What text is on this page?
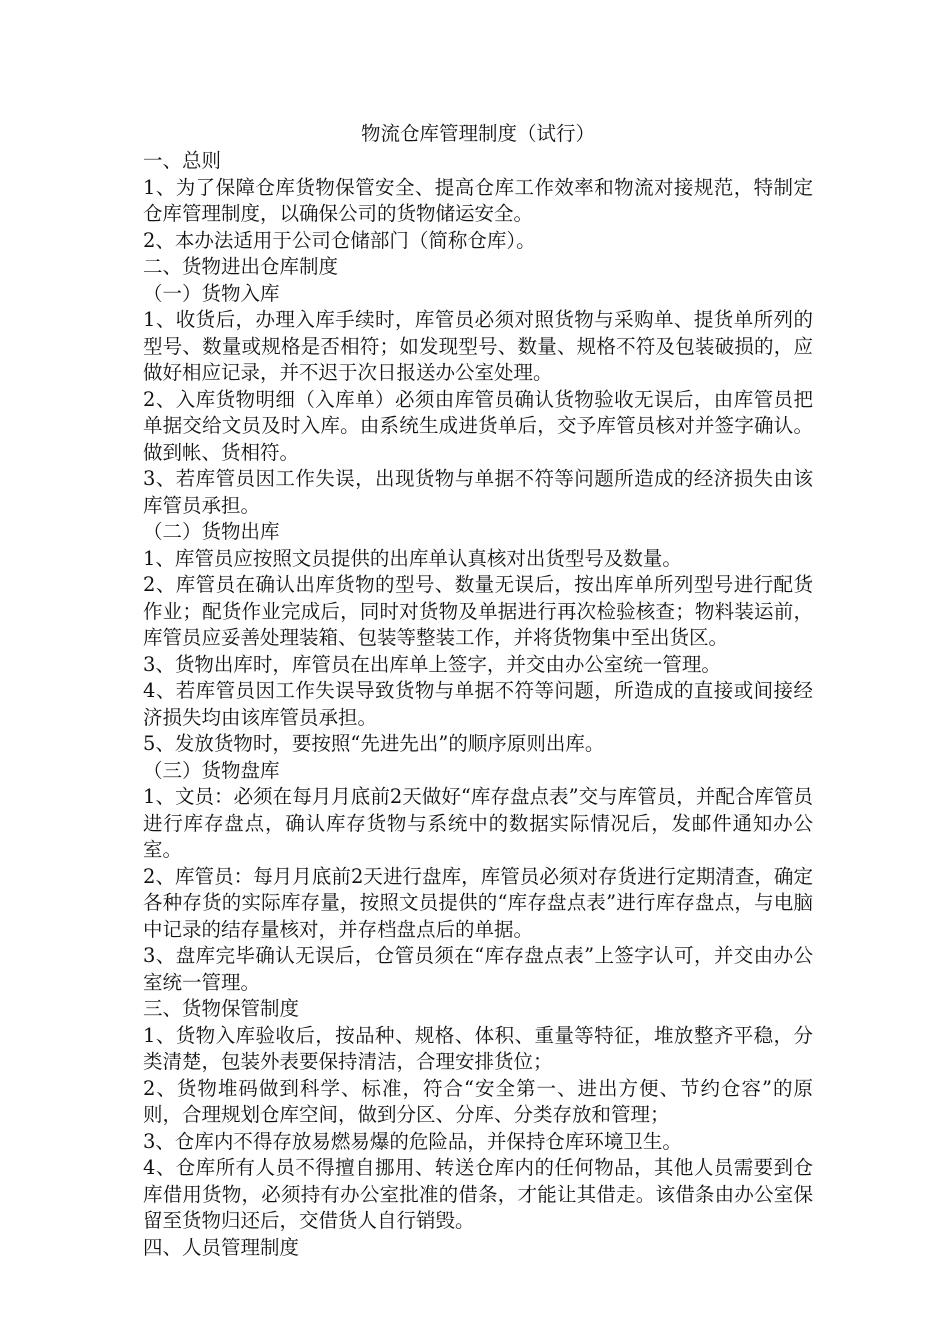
物流仓库管理制度（试行）

一、总则

1、为了保障仓库货物保管安全、提高仓库工作效率和物流对接规范，特制定仓库管理制度，以确保公司的货物储运安全。

2、本办法适用于公司仓储部门（简称仓库）。

二、货物进出仓库制度

（一）货物入库

1、收货后，办理入库手续时，库管员必须对照货物与采购单、提货单所列的型号、数量或规格是否相符；如发现型号、数量、规格不符及包装破损的，应做好相应记录，并不迟于次日报送办公室处理。

2、入库货物明细（入库单）必须由库管员确认货物验收无误后，由库管员把单据交给文员及时入库。由系统生成进货单后，交予库管员核对并签字确认。做到帐、货相符。

3、若库管员因工作失误，出现货物与单据不符等问题所造成的经济损失由该库管员承担。

（二）货物出库

1、库管员应按照文员提供的出库单认真核对出货型号及数量。

2、库管员在确认出库货物的型号、数量无误后，按出库单所列型号进行配货作业；配货作业完成后，同时对货物及单据进行再次检验核查；物料装运前，库管员应妥善处理装箱、包装等整装工作，并将货物集中至出货区。

3、货物出库时，库管员在出库单上签字，并交由办公室统一管理。

4、若库管员因工作失误导致货物与单据不符等问题，所造成的直接或间接经济损失均由该库管员承担。

5、发放货物时，要按照“先进先出”的顺序原则出库。

（三）货物盘库

1、文员：必须在每月月底前2天做好“库存盘点表”交与库管员，并配合库管员进行库存盘点，确认库存货物与系统中的数据实际情况后，发邮件通知办公室。

2、库管员：每月月底前2天进行盘库，库管员必须对存货进行定期清查，确定各种存货的实际库存量，按照文员提供的“库存盘点表”进行库存盘点，与电脑中记录的结存量核对，并存档盘点后的单据。

3、盘库完毕确认无误后，仓管员须在“库存盘点表”上签字认可，并交由办公室统一管理。

三、货物保管制度

1、货物入库验收后，按品种、规格、体积、重量等特征，堆放整齐平稳，分类清楚，包装外表要保持清洁，合理安排货位；

2、货物堆码做到科学、标准，符合“安全第一、进出方便、节约仓容”的原则，合理规划仓库空间，做到分区、分库、分类存放和管理；

3、仓库内不得存放易燃易爆的危险品，并保持仓库环境卫生。

4、仓库所有人员不得擅自挪用、转送仓库内的任何物品，其他人员需要到仓库借用货物，必须持有办公室批准的借条，才能让其借走。该借条由办公室保留至货物归还后，交借货人自行销毁。

四、人员管理制度
